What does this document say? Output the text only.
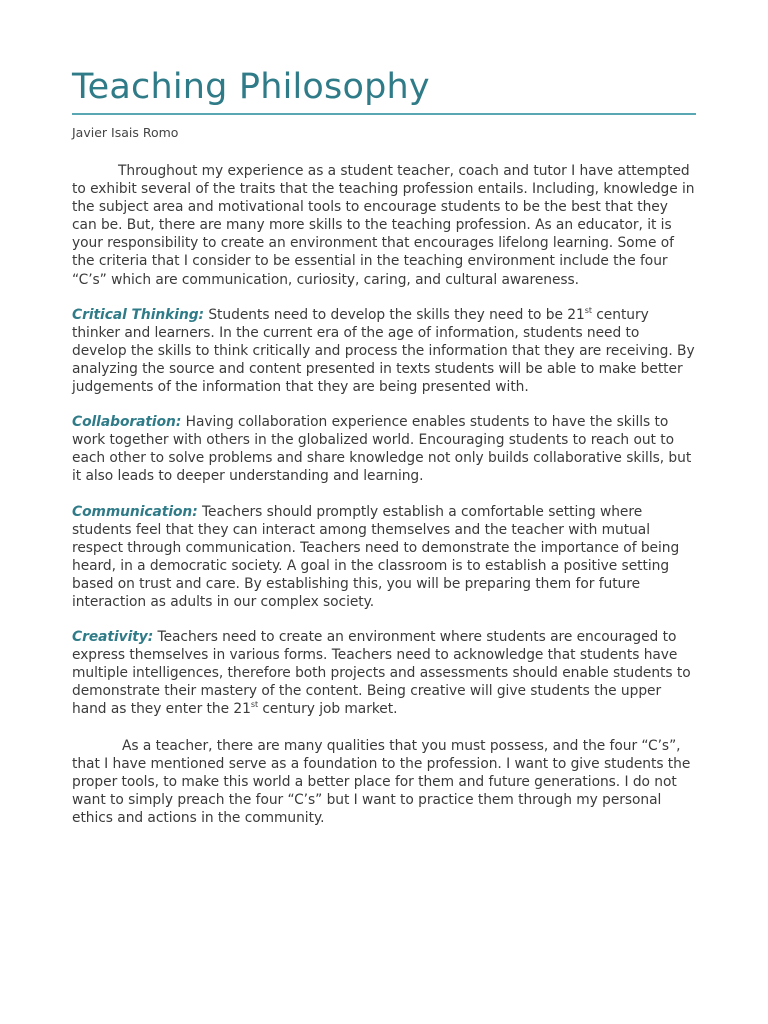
Teaching Philosophy
Javier Isais Romo

Throughout my experience as a student teacher, coach and tutor I have attempted to exhibit several of the traits that the teaching profession entails. Including, knowledge in the subject area and motivational tools to encourage students to be the best that they can be. But, there are many more skills to the teaching profession. As an educator, it is your responsibility to create an environment that encourages lifelong learning. Some of the criteria that I consider to be essential in the teaching environment include the four “C’s” which are communication, curiosity, caring, and cultural awareness.

Critical Thinking: Students need to develop the skills they need to be 21st century thinker and learners. In the current era of the age of information, students need to develop the skills to think critically and process the information that they are receiving. By analyzing the source and content presented in texts students will be able to make better judgements of the information that they are being presented with.

Collaboration: Having collaboration experience enables students to have the skills to work together with others in the globalized world. Encouraging students to reach out to each other to solve problems and share knowledge not only builds collaborative skills, but it also leads to deeper understanding and learning.

Communication: Teachers should promptly establish a comfortable setting where students feel that they can interact among themselves and the teacher with mutual respect through communication. Teachers need to demonstrate the importance of being heard, in a democratic society. A goal in the classroom is to establish a positive setting based on trust and care. By establishing this, you will be preparing them for future interaction as adults in our complex society.

Creativity: Teachers need to create an environment where students are encouraged to express themselves in various forms. Teachers need to acknowledge that students have multiple intelligences, therefore both projects and assessments should enable students to demonstrate their mastery of the content. Being creative will give students the upper hand as they enter the 21st century job market.

As a teacher, there are many qualities that you must possess, and the four “C’s”, that I have mentioned serve as a foundation to the profession. I want to give students the proper tools, to make this world a better place for them and future generations. I do not want to simply preach the four “C’s” but I want to practice them through my personal ethics and actions in the community.
